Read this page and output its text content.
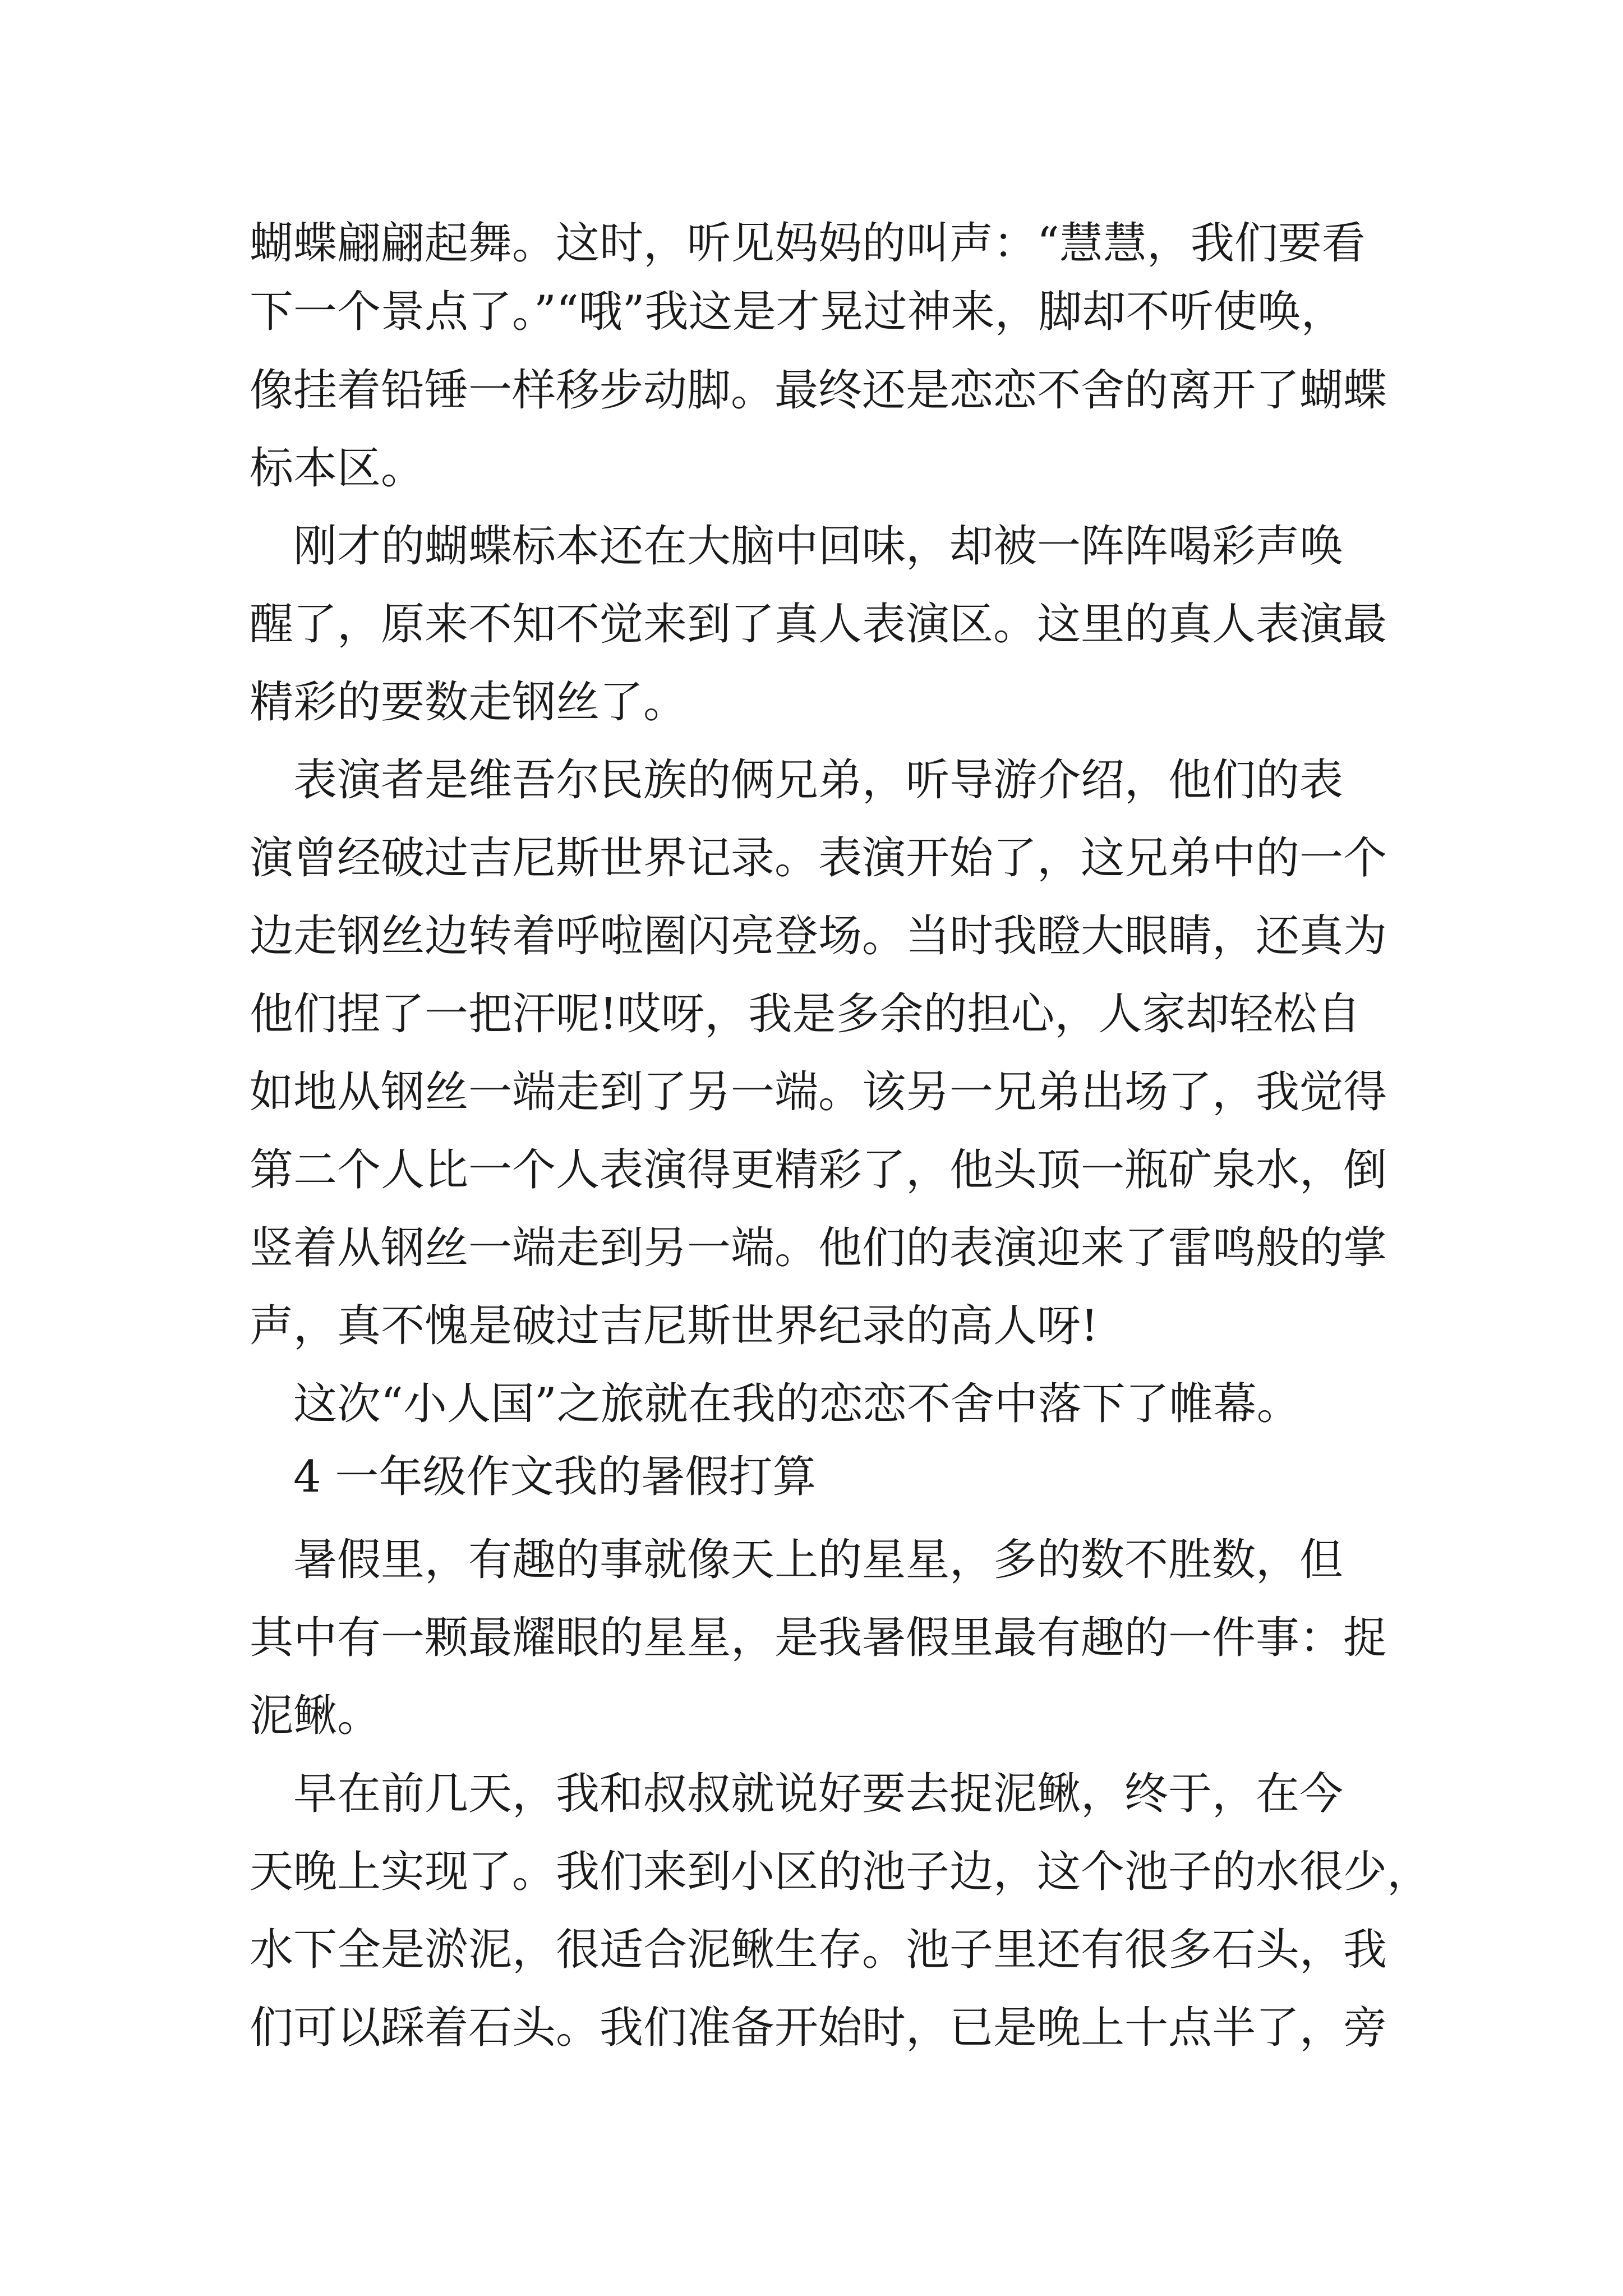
蝴蝶翩翩起舞。这时，听见妈妈的叫声：“慧慧，我们要看
下一个景点了。”“哦”我这是才晃过神来，脚却不听使唤，
像挂着铅锤一样移步动脚。最终还是恋恋不舍的离开了蝴蝶
标本区。
　刚才的蝴蝶标本还在大脑中回味，却被一阵阵喝彩声唤
醒了，原来不知不觉来到了真人表演区。这里的真人表演最
精彩的要数走钢丝了。
　表演者是维吾尔民族的俩兄弟，听导游介绍，他们的表
演曾经破过吉尼斯世界记录。表演开始了，这兄弟中的一个
边走钢丝边转着呼啦圈闪亮登场。当时我瞪大眼睛，还真为
他们捏了一把汗呢!哎呀，我是多余的担心，人家却轻松自
如地从钢丝一端走到了另一端。该另一兄弟出场了，我觉得
第二个人比一个人表演得更精彩了，他头顶一瓶矿泉水，倒
竖着从钢丝一端走到另一端。他们的表演迎来了雷鸣般的掌
声，真不愧是破过吉尼斯世界纪录的高人呀!
　这次“小人国”之旅就在我的恋恋不舍中落下了帷幕。
　4 一年级作文我的暑假打算
　暑假里，有趣的事就像天上的星星，多的数不胜数，但
其中有一颗最耀眼的星星，是我暑假里最有趣的一件事：捉
泥鳅。
　早在前几天，我和叔叔就说好要去捉泥鳅，终于，在今
天晚上实现了。我们来到小区的池子边，这个池子的水很少，
水下全是淤泥，很适合泥鳅生存。池子里还有很多石头，我
们可以踩着石头。我们准备开始时，已是晚上十点半了，旁
